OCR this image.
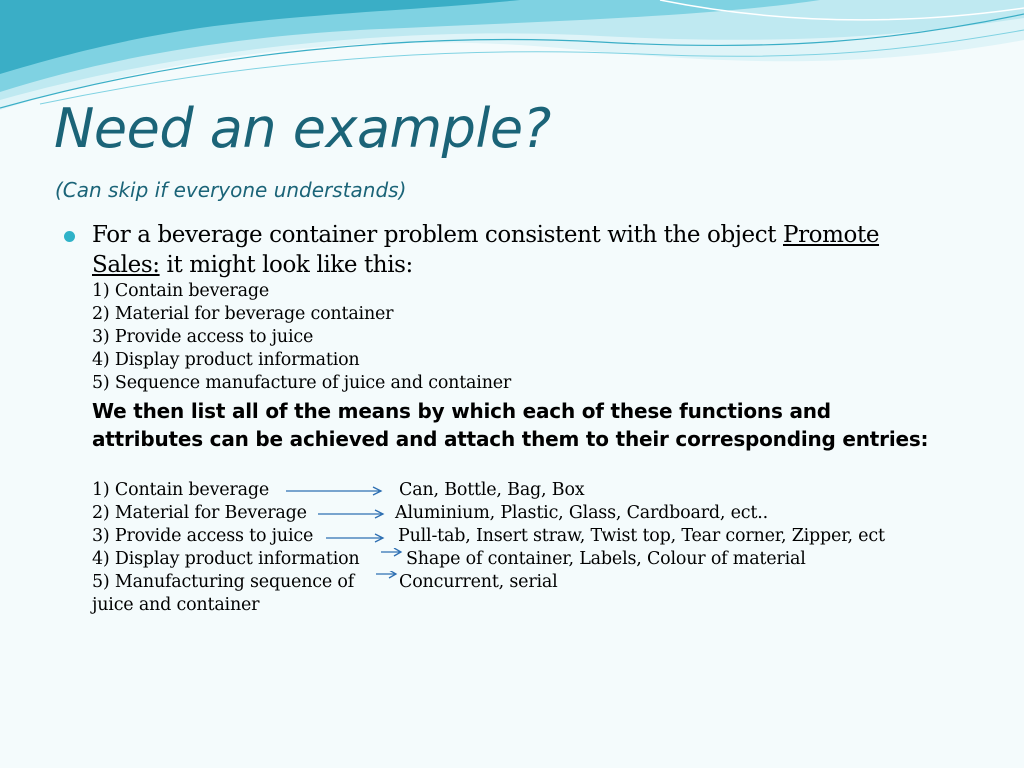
Need an example?
(Can skip if everyone understands)
For a beverage container problem consistent with the object Promote Sales: it might look like this:
1) Contain beverage
2) Material for beverage container
3) Provide access to juice
4) Display product information
5) Sequence manufacture of juice and container
We then list all of the means by which each of these functions and attributes can be achieved and attach them to their corresponding entries:
1) Contain beverage	Can, Bottle, Bag, Box
2) Material for Beverage	Aluminium, Plastic, Glass, Cardboard, ect..
3) Provide access to juice	Pull-tab, Insert straw, Twist top, Tear corner, Zipper, ect
4) Display product information	Shape of container, Labels, Colour of material
5) Manufacturing sequence of	Concurrent, serial
juice and container
